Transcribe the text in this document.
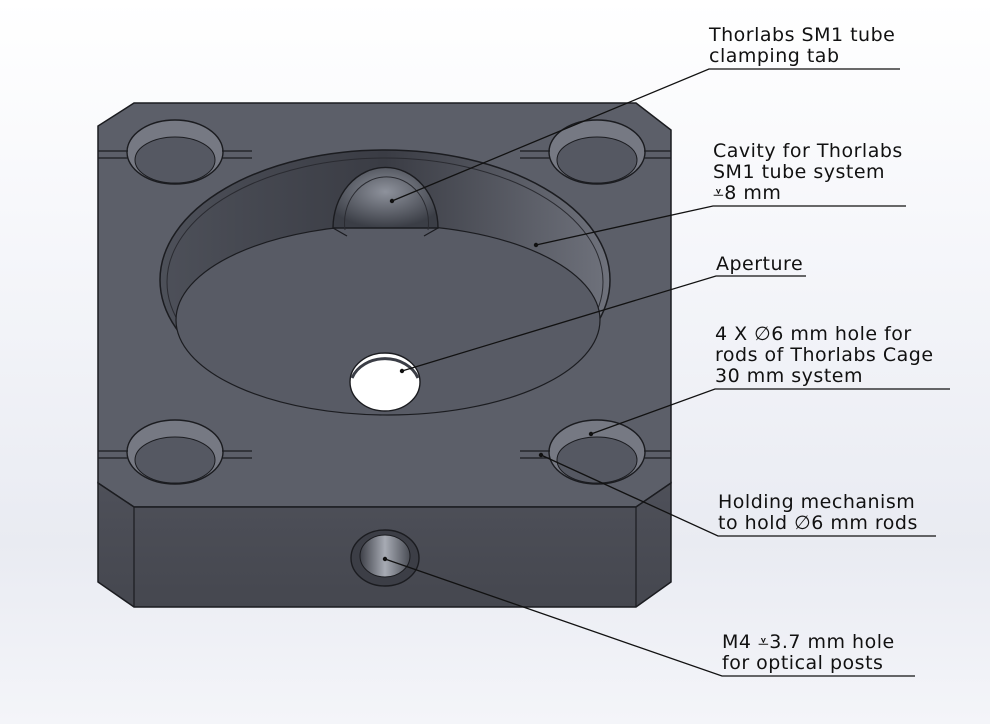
Thorlabs SM1 tube
clamping tab
Cavity for Thorlabs
SM1 tube system
⩡8 mm
Aperture
4 X ∅6 mm hole for
rods of Thorlabs Cage
30 mm system
Holding mechanism
to hold ∅6 mm rods
M4 ⩡3.7 mm hole
for optical posts
